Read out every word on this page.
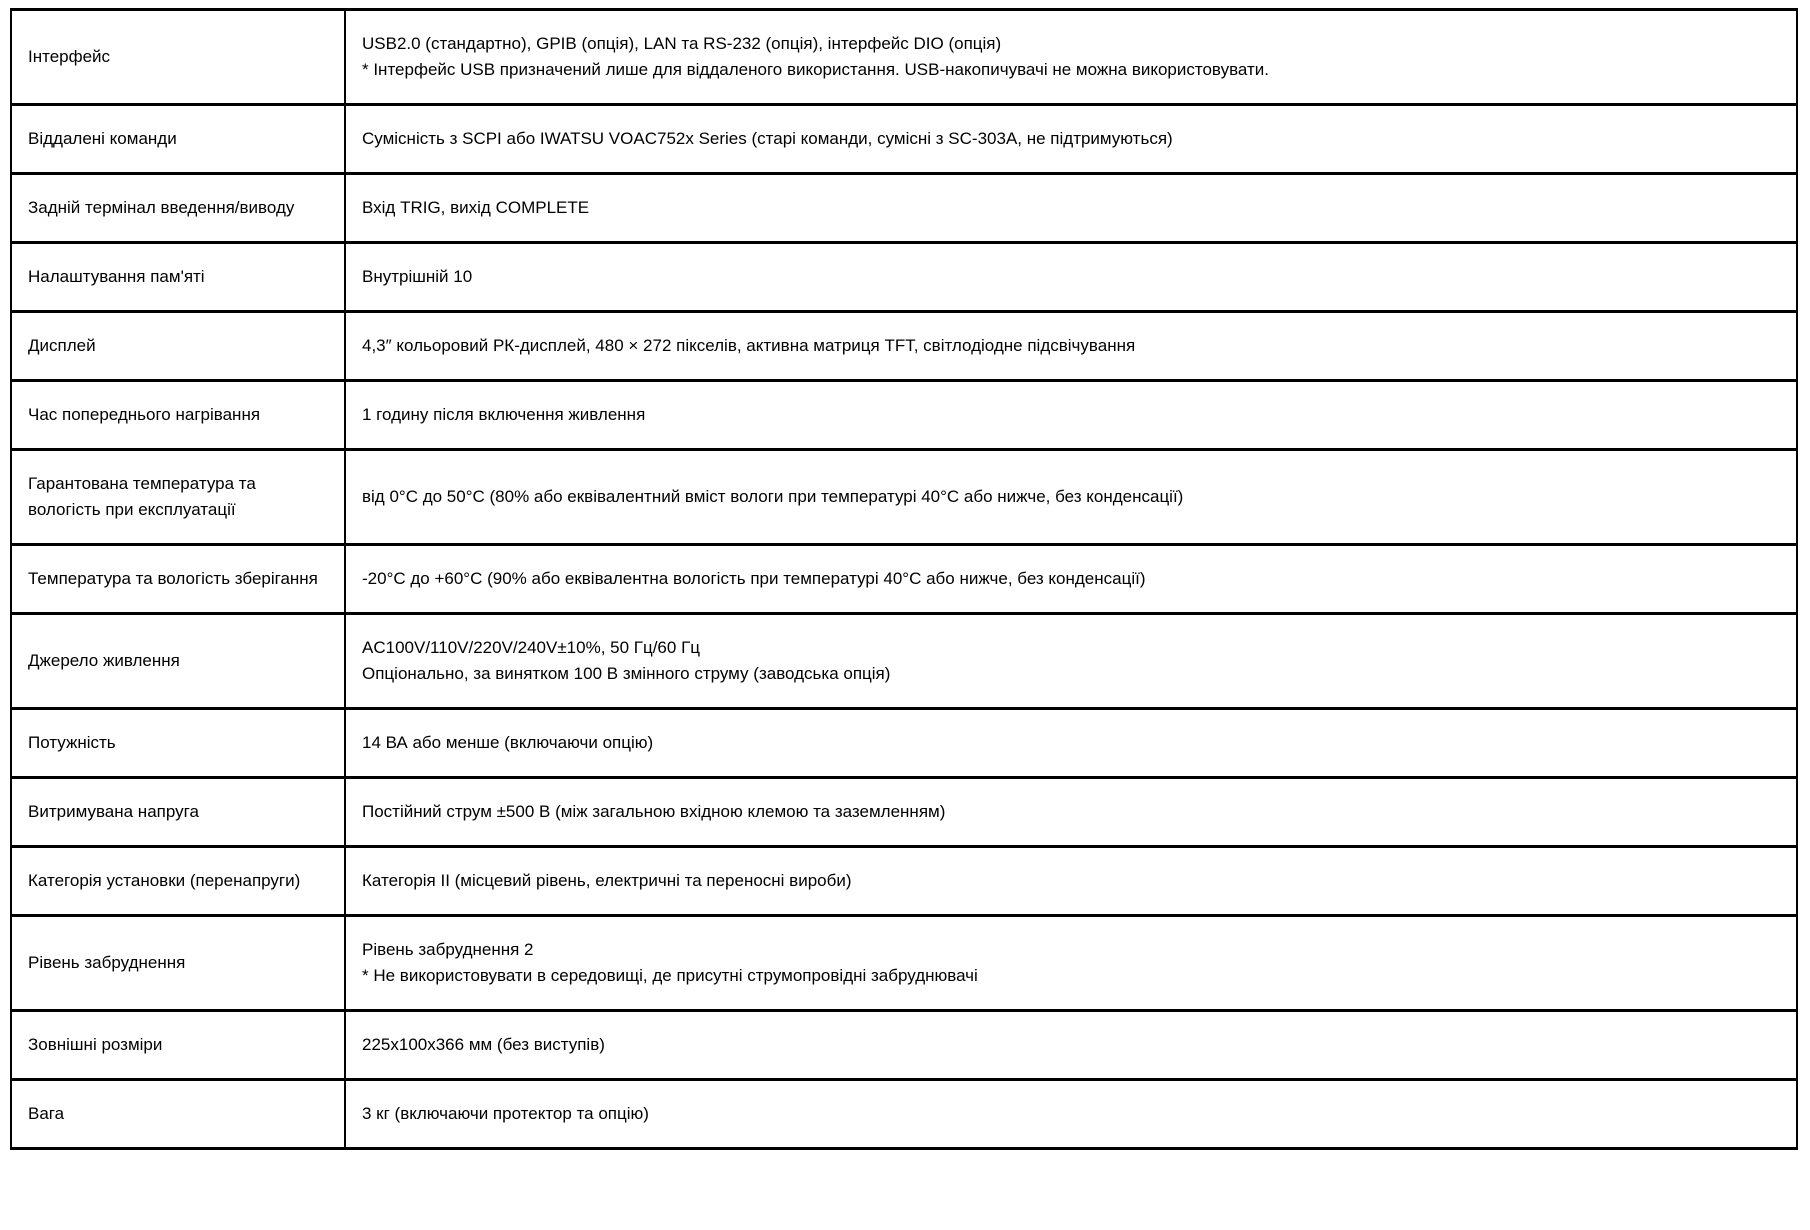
Інтерфейс	USB2.0 (стандартно), GPIB (опція), LAN та RS-232 (опція), інтерфейс DIO (опція)
* Інтерфейс USB призначений лише для віддаленого використання. USB-накопичувачі не можна використовувати.

Віддалені команди	Сумісність з SCPI або IWATSU VOAC752x Series (старі команди, сумісні з SC-303A, не підтримуються)

Задній термінал введення/виводу	Вхід TRIG, вихід COMPLETE

Налаштування пам'яті	Внутрішній 10

Дисплей	4,3″ кольоровий РК-дисплей, 480 × 272 пікселів, активна матриця TFT, світлодіодне підсвічування

Час попереднього нагрівання	1 годину після включення живлення

Гарантована температура та вологість при експлуатації	від 0°C до 50°C (80% або еквівалентний вміст вологи при температурі 40°C або нижче, без конденсації)

Температура та вологість зберігання	-20°C до +60°C (90% або еквівалентна вологість при температурі 40°C або нижче, без конденсації)

Джерело живлення	AC100V/110V/220V/240V±10%, 50 Гц/60 Гц
Опціонально, за винятком 100 В змінного струму (заводська опція)

Потужність	14 ВА або менше (включаючи опцію)

Витримувана напруга	Постійний струм ±500 В (між загальною вхідною клемою та заземленням)

Категорія установки (перенапруги)	Категорія II (місцевий рівень, електричні та переносні вироби)

Рівень забруднення	Рівень забруднення 2
* Не використовувати в середовищі, де присутні струмопровідні забруднювачі

Зовнішні розміри	225x100x366 мм (без виступів)

Вага	3 кг (включаючи протектор та опцію)
